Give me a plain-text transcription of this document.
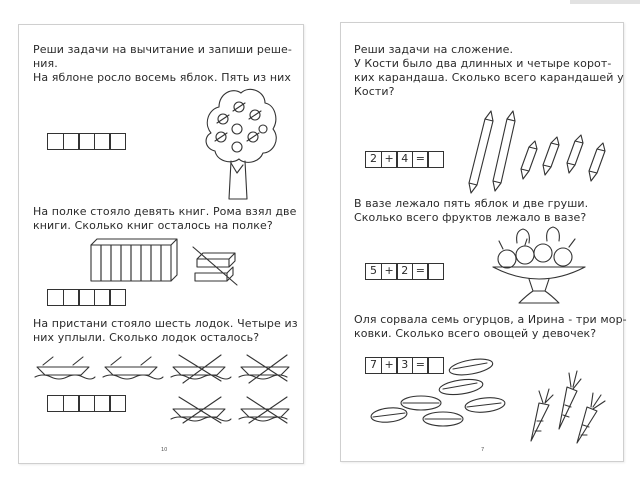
Реши задачи на вычитание и запиши реше-
ния.
На яблоне росло восемь яблок. Пять из них
На полке стояло девять книг. Рома взял две
книги. Сколько книг осталось на полке?
На пристани стояло шесть лодок. Четыре из
них уплыли. Сколько лодок осталось?
10
Реши задачи на сложение.
У Кости было два длинных и четыре корот-
ких карандаша. Сколько всего карандашей у
Кости?
2 + 4 =
В вазе лежало пять яблок и две груши.
Сколько всего фруктов лежало в вазе?
5 + 2 =
Оля сорвала семь огурцов, а Ирина - три мор-
ковки. Сколько всего овощей у девочек?
7 + 3 =
7
